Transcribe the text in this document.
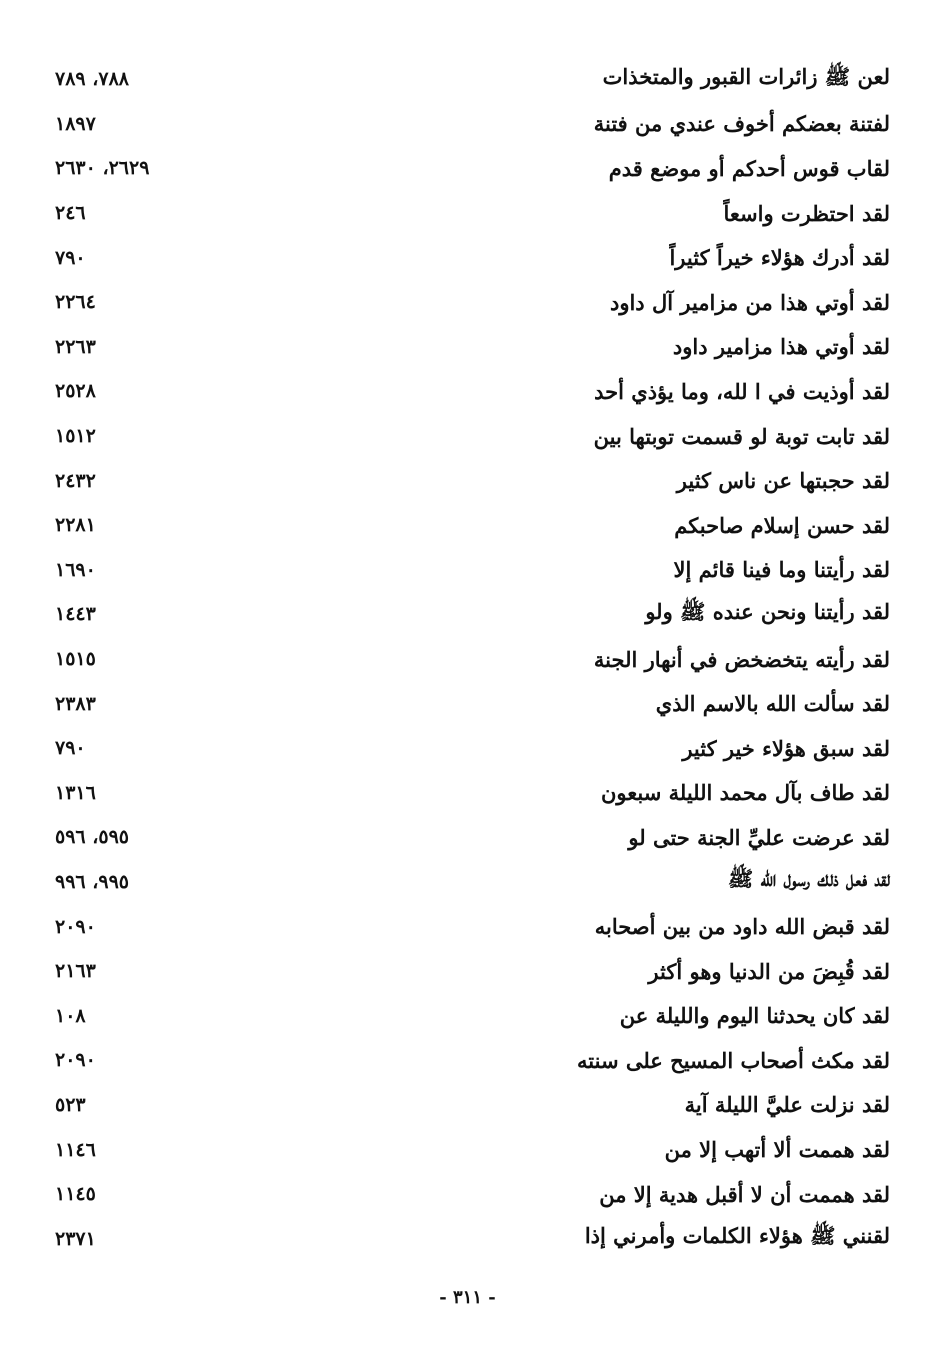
لعن ﷺ زائرات القبور والمتخذات
٧٨٨، ٧٨٩
لفتنة بعضكم أخوف عندي من فتنة
١٨٩٧
لقاب قوس أحدكم أو موضع قدم
٢٦٢٩، ٢٦٣٠
لقد احتظرت واسعاً
٢٤٦
لقد أدرك هؤلاء خيراً كثيراً
٧٩٠
لقد أوتي هذا من مزامير آل داود
٢٢٦٤
لقد أوتي هذا مزامير داود
٢٢٦٣
لقد أوذيت في ا لله، وما يؤذي أحد
٢٥٢٨
لقد تابت توبة لو قسمت توبتها بين
١٥١٢
لقد حجبتها عن ناس كثير
٢٤٣٢
لقد حسن إسلام صاحبكم
٢٢٨١
لقد رأيتنا وما فينا قائم إلا
١٦٩٠
لقد رأيتنا ونحن عنده ﷺ ولو
١٤٤٣
لقد رأيته يتخضخض في أنهار الجنة
١٥١٥
لقد سألت الله بالاسم الذي
٢٣٨٣
لقد سبق هؤلاء خير كثير
٧٩٠
لقد طاف بآل محمد الليلة سبعون
١٣١٦
لقد عرضت عليِّ الجنة حتى لو
٥٩٥، ٥٩٦
لقد فعل ذلك رسول الله ﷺ
٩٩٥، ٩٩٦
لقد قبض الله داود من بين أصحابه
٢٠٩٠
لقد قُبِضَ من الدنيا وهو أكثر
٢١٦٣
لقد كان يحدثنا اليوم والليلة عن
١٠٨
لقد مكث أصحاب المسيح على سنته
٢٠٩٠
لقد نزلت عليَّ الليلة آية
٥٢٣
لقد هممت ألا أتهب إلا من
١١٤٦
لقد هممت أن لا أقبل هدية إلا من
١١٤٥
لقنني ﷺ هؤلاء الكلمات وأمرني إذا
٢٣٧١
- ٣١١ -
